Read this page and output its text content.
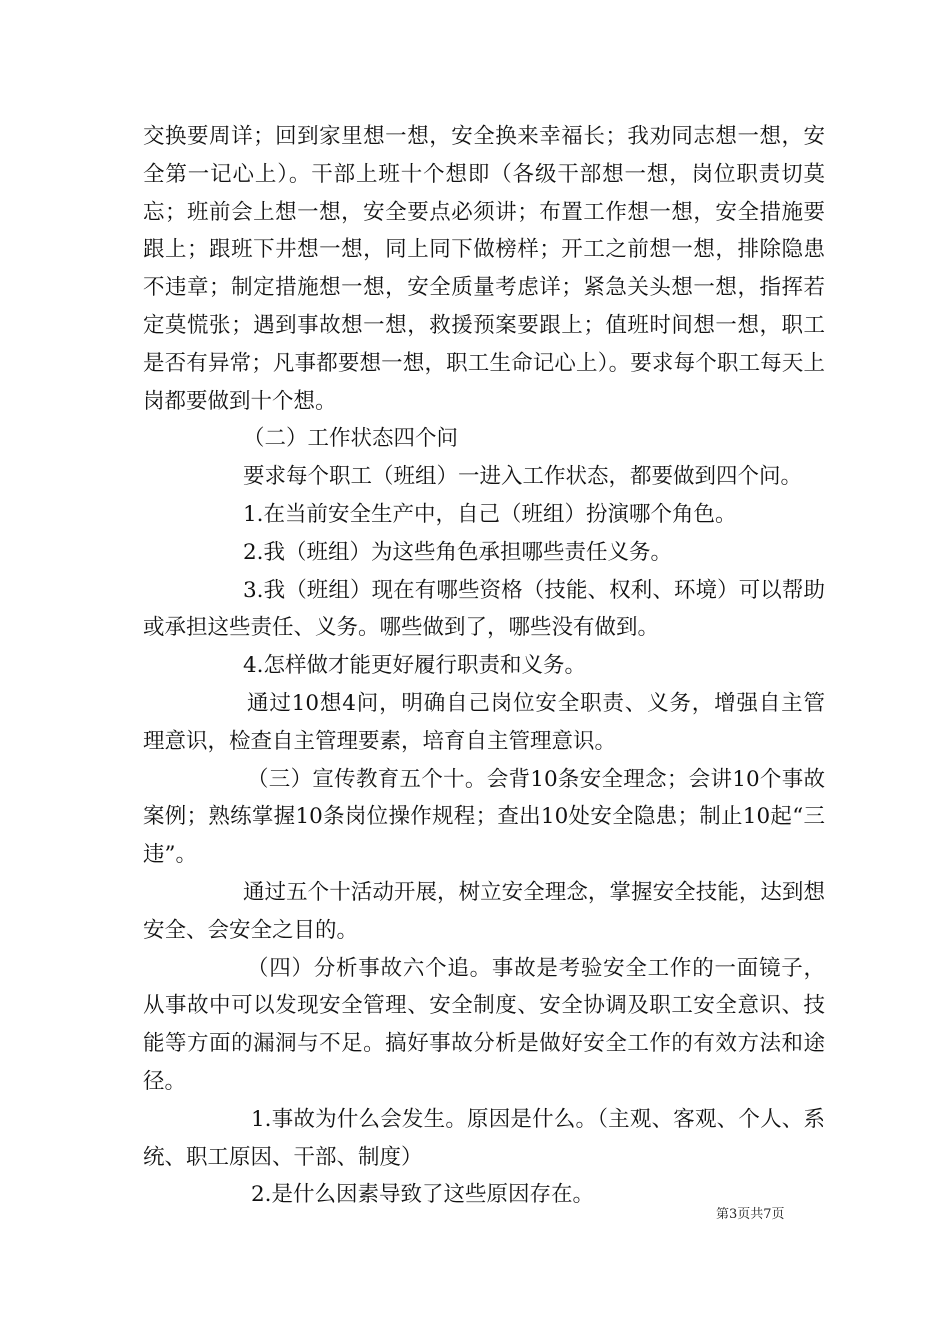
交换要周详；回到家里想一想，安全换来幸福长；我劝同志想一想，安全第一记心上）。干部上班十个想即（各级干部想一想，岗位职责切莫忘；班前会上想一想，安全要点必须讲；布置工作想一想，安全措施要跟上；跟班下井想一想，同上同下做榜样；开工之前想一想，排除隐患不违章；制定措施想一想，安全质量考虑详；紧急关头想一想，指挥若定莫慌张；遇到事故想一想，救援预案要跟上；值班时间想一想，职工是否有异常；凡事都要想一想，职工生命记心上）。要求每个职工每天上岗都要做到十个想。

（二）工作状态四个问

要求每个职工（班组）一进入工作状态，都要做到四个问。

1.在当前安全生产中，自己（班组）扮演哪个角色。

2.我（班组）为这些角色承担哪些责任义务。

3.我（班组）现在有哪些资格（技能、权利、环境）可以帮助或承担这些责任、义务。哪些做到了，哪些没有做到。

4.怎样做才能更好履行职责和义务。

通过10想4问，明确自己岗位安全职责、义务，增强自主管理意识，检查自主管理要素，培育自主管理意识。

（三）宣传教育五个十。会背10条安全理念；会讲10个事故案例；熟练掌握10条岗位操作规程；查出10处安全隐患；制止10起“三违”。

通过五个十活动开展，树立安全理念，掌握安全技能，达到想安全、会安全之目的。

（四）分析事故六个追。事故是考验安全工作的一面镜子，从事故中可以发现安全管理、安全制度、安全协调及职工安全意识、技能等方面的漏洞与不足。搞好事故分析是做好安全工作的有效方法和途径。

1.事故为什么会发生。原因是什么。（主观、客观、个人、系统、职工原因、干部、制度）

2.是什么因素导致了这些原因存在。

第3页共7页
